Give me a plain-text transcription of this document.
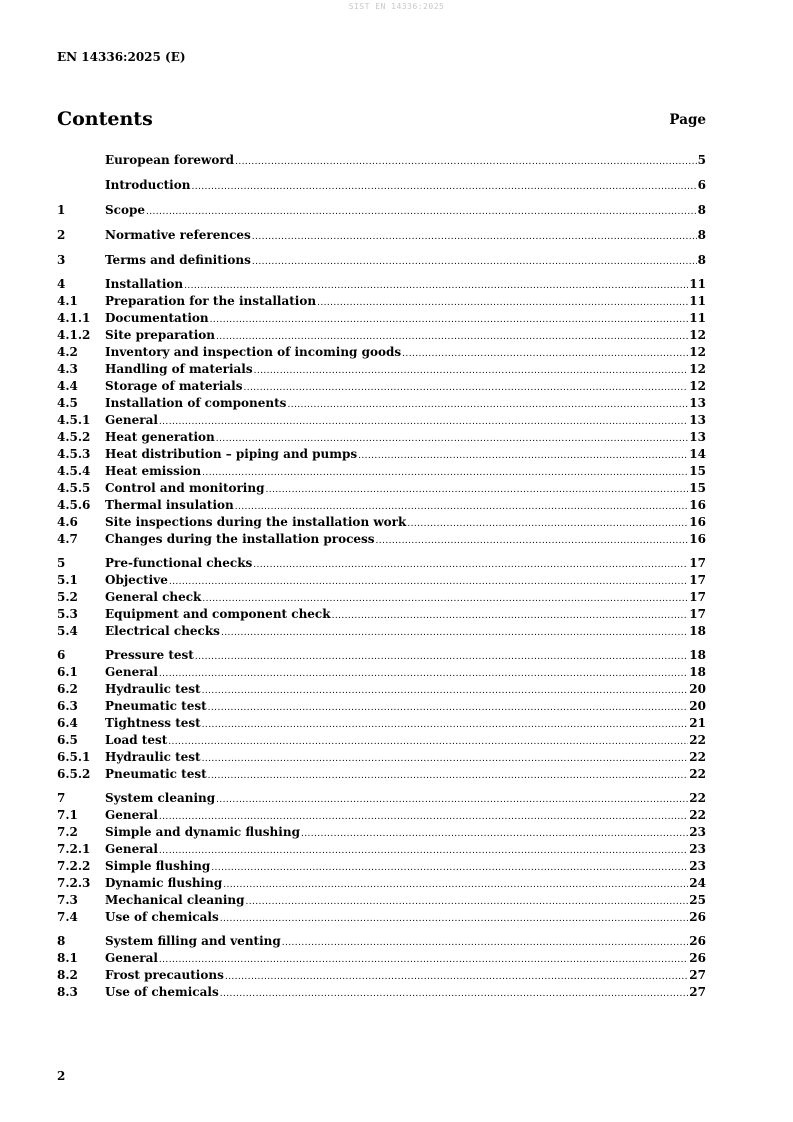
SIST EN 14336:2025
EN 14336:2025 (E)
Contents	Page
European foreword .....	5
Introduction .....	6
1	Scope .....	8
2	Normative references .....	8
3	Terms and definitions .....	8
4	Installation .....	11
4.1	Preparation for the installation .....	11
4.1.1	Documentation .....	11
4.1.2	Site preparation .....	12
4.2	Inventory and inspection of incoming goods .....	12
4.3	Handling of materials .....	12
4.4	Storage of materials .....	12
4.5	Installation of components .....	13
4.5.1	General .....	13
4.5.2	Heat generation .....	13
4.5.3	Heat distribution – piping and pumps .....	14
4.5.4	Heat emission .....	15
4.5.5	Control and monitoring .....	15
4.5.6	Thermal insulation .....	16
4.6	Site inspections during the installation work .....	16
4.7	Changes during the installation process .....	16
5	Pre-functional checks .....	17
5.1	Objective .....	17
5.2	General check .....	17
5.3	Equipment and component check .....	17
5.4	Electrical checks .....	18
6	Pressure test .....	18
6.1	General .....	18
6.2	Hydraulic test .....	20
6.3	Pneumatic test .....	20
6.4	Tightness test .....	21
6.5	Load test .....	22
6.5.1	Hydraulic test .....	22
6.5.2	Pneumatic test .....	22
7	System cleaning .....	22
7.1	General .....	22
7.2	Simple and dynamic flushing .....	23
7.2.1	General .....	23
7.2.2	Simple flushing .....	23
7.2.3	Dynamic flushing .....	24
7.3	Mechanical cleaning .....	25
7.4	Use of chemicals .....	26
8	System filling and venting .....	26
8.1	General .....	26
8.2	Frost precautions .....	27
8.3	Use of chemicals .....	27
2
